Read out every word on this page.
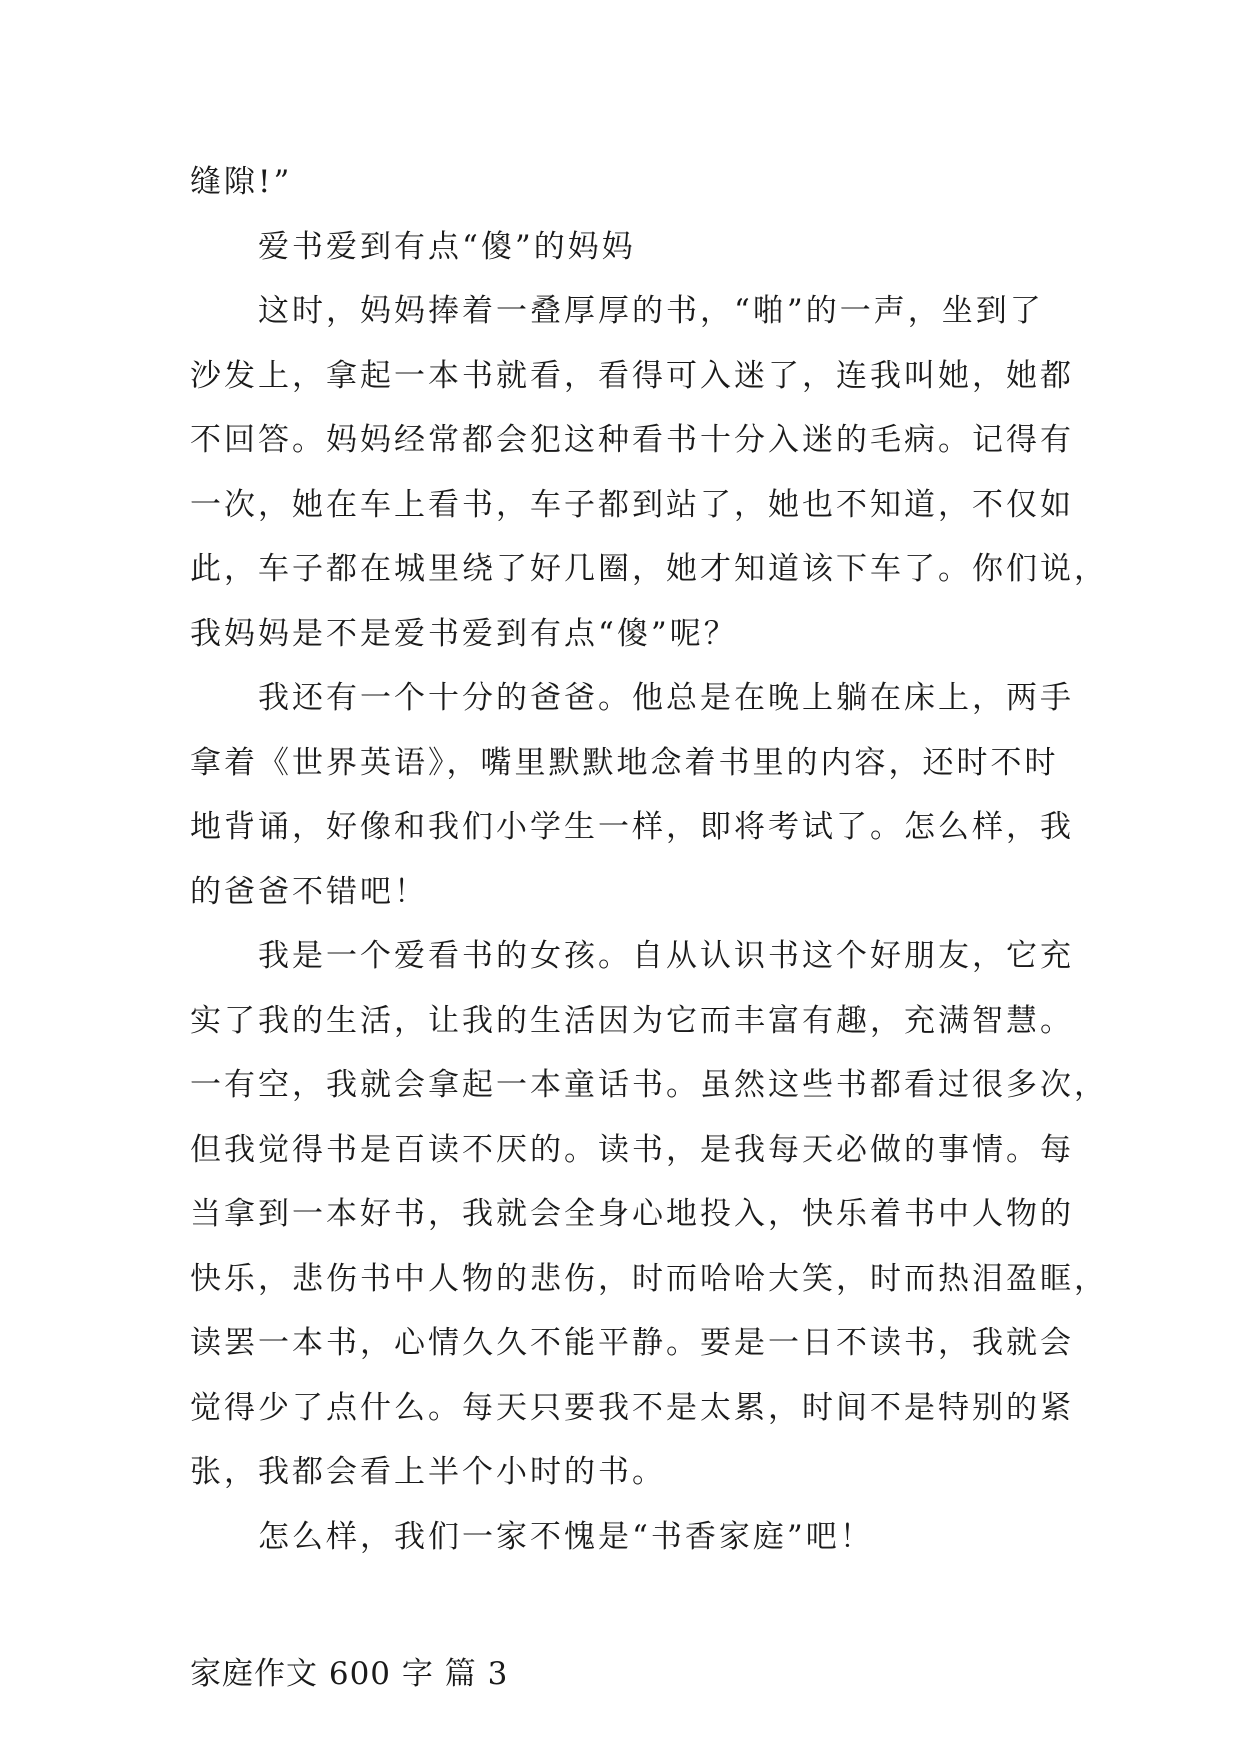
缝隙!”
爱书爱到有点“傻”的妈妈
这时，妈妈捧着一叠厚厚的书，“啪”的一声，坐到了
沙发上，拿起一本书就看，看得可入迷了，连我叫她，她都
不回答。妈妈经常都会犯这种看书十分入迷的毛病。记得有
一次，她在车上看书，车子都到站了，她也不知道，不仅如
此，车子都在城里绕了好几圈，她才知道该下车了。你们说，
我妈妈是不是爱书爱到有点“傻”呢？
我还有一个十分的爸爸。他总是在晚上躺在床上，两手
拿着《世界英语》，嘴里默默地念着书里的内容，还时不时
地背诵，好像和我们小学生一样，即将考试了。怎么样，我
的爸爸不错吧！
我是一个爱看书的女孩。自从认识书这个好朋友，它充
实了我的生活，让我的生活因为它而丰富有趣，充满智慧。
一有空，我就会拿起一本童话书。虽然这些书都看过很多次，
但我觉得书是百读不厌的。读书，是我每天必做的事情。每
当拿到一本好书，我就会全身心地投入，快乐着书中人物的
快乐，悲伤书中人物的悲伤，时而哈哈大笑，时而热泪盈眶，
读罢一本书，心情久久不能平静。要是一日不读书，我就会
觉得少了点什么。每天只要我不是太累，时间不是特别的紧
张，我都会看上半个小时的书。
怎么样，我们一家不愧是“书香家庭”吧！
家庭作文 600 字 篇 3
